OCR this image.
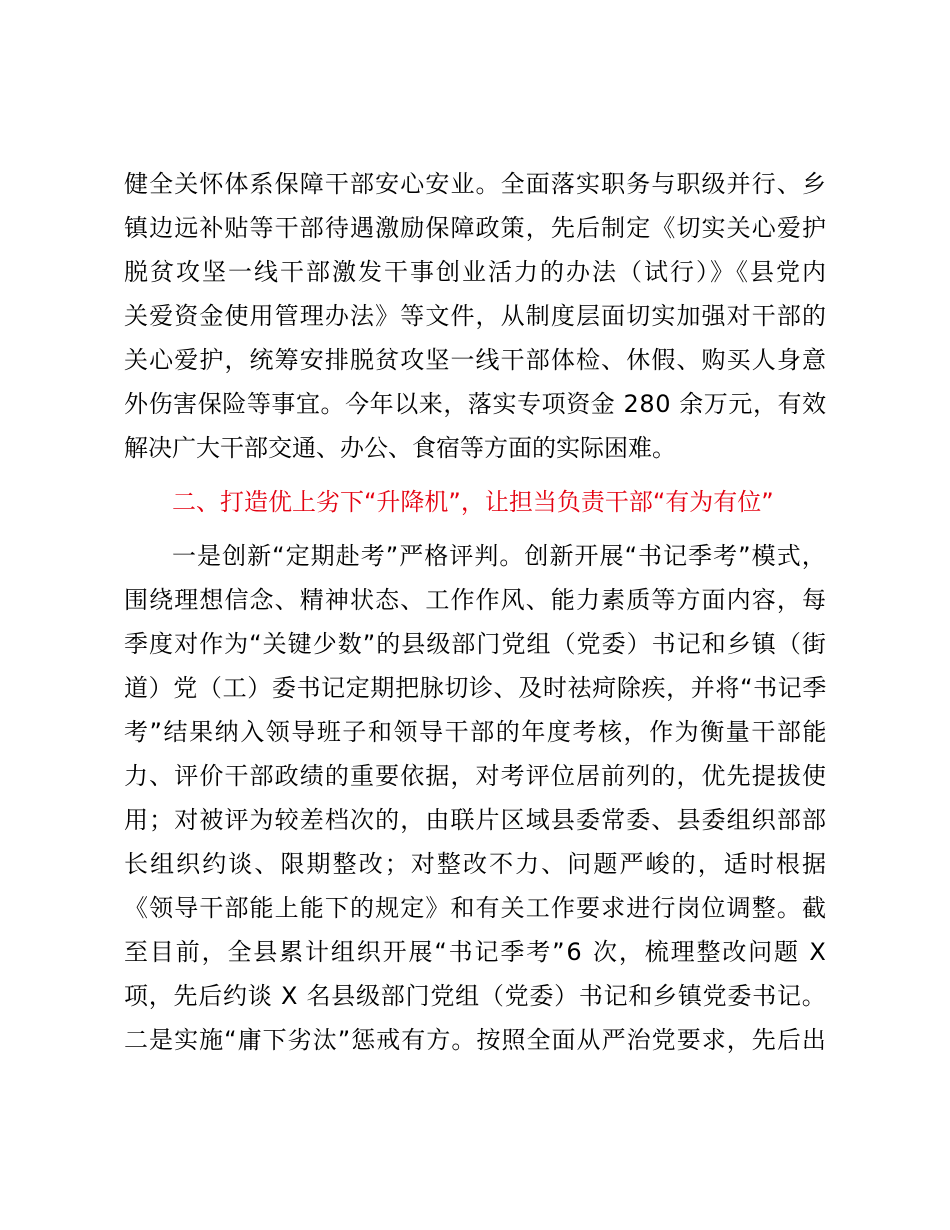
健全关怀体系保障干部安心安业。全面落实职务与职级并行、乡
镇边远补贴等干部待遇激励保障政策，先后制定《切实关心爱护
脱贫攻坚一线干部激发干事创业活力的办法（试行）》《县党内
关爱资金使用管理办法》等文件，从制度层面切实加强对干部的
关心爱护，统筹安排脱贫攻坚一线干部体检、休假、购买人身意
外伤害保险等事宜。今年以来，落实专项资金 280 余万元，有效
解决广大干部交通、办公、食宿等方面的实际困难。
二、打造优上劣下“升降机”，让担当负责干部“有为有位”
一是创新“定期赴考”严格评判。创新开展“书记季考”模式，
围绕理想信念、精神状态、工作作风、能力素质等方面内容，每
季度对作为“关键少数”的县级部门党组（党委）书记和乡镇（街
道）党（工）委书记定期把脉切诊、及时祛疴除疾，并将“书记季
考”结果纳入领导班子和领导干部的年度考核，作为衡量干部能
力、评价干部政绩的重要依据，对考评位居前列的，优先提拔使
用；对被评为较差档次的，由联片区域县委常委、县委组织部部
长组织约谈、限期整改；对整改不力、问题严峻的，适时根据
《领导干部能上能下的规定》和有关工作要求进行岗位调整。截
至目前，全县累计组织开展“书记季考”6 次，梳理整改问题 X
项，先后约谈 X 名县级部门党组（党委）书记和乡镇党委书记。
二是实施“庸下劣汰”惩戒有方。按照全面从严治党要求，先后出
